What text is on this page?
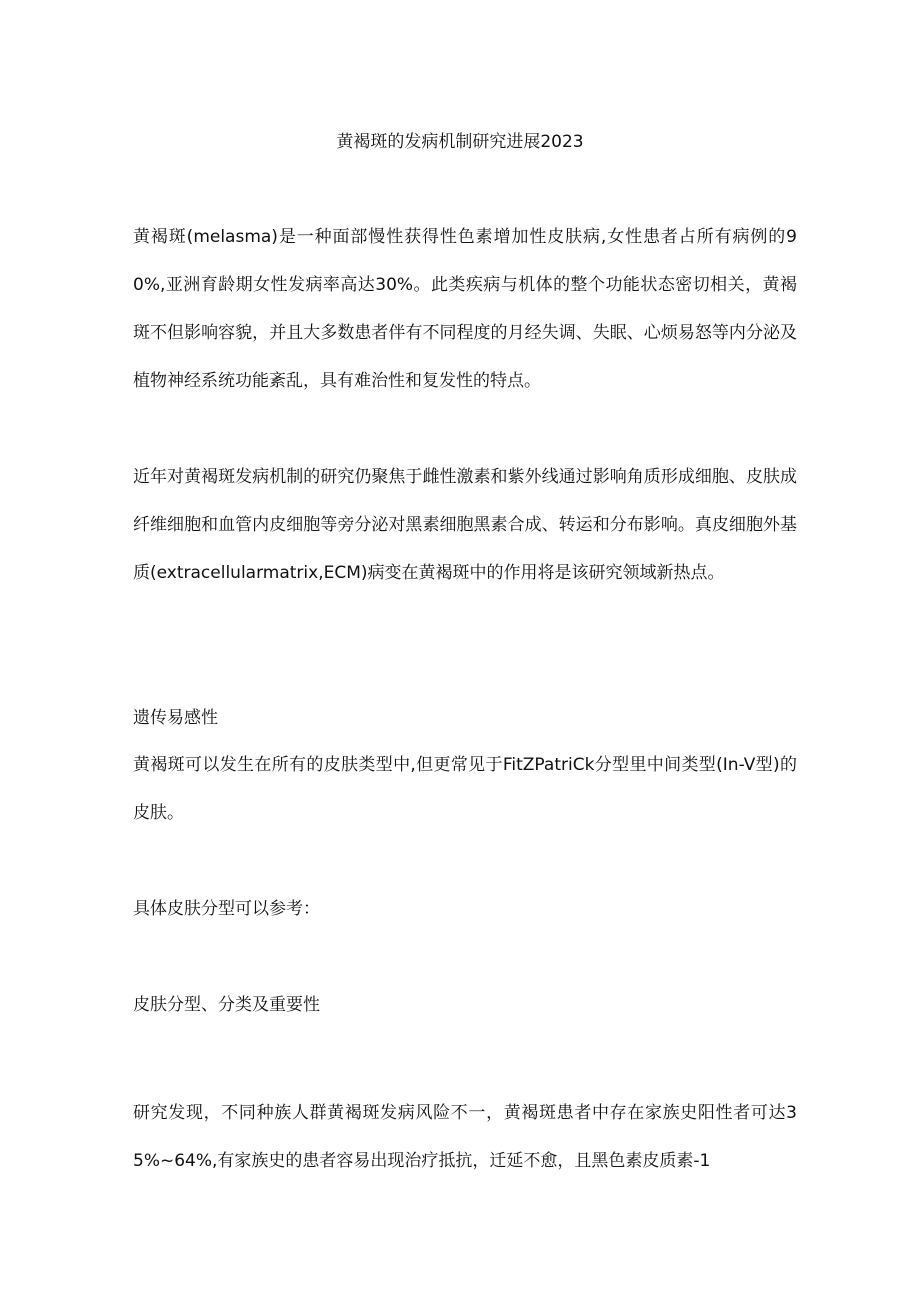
黄褐斑的发病机制研究进展2023

黄褐斑(melasma)是一种面部慢性获得性色素增加性皮肤病,女性患者占所有病例的90%,亚洲育龄期女性发病率高达30%。此类疾病与机体的整个功能状态密切相关，黄褐斑不但影响容貌，并且大多数患者伴有不同程度的月经失调、失眠、心烦易怒等内分泌及植物神经系统功能紊乱，具有难治性和复发性的特点。

近年对黄褐斑发病机制的研究仍聚焦于雌性激素和紫外线通过影响角质形成细胞、皮肤成纤维细胞和血管内皮细胞等旁分泌对黑素细胞黑素合成、转运和分布影响。真皮细胞外基质(extracellularmatrix,ECM)病变在黄褐斑中的作用将是该研究领域新热点。

遗传易感性

黄褐斑可以发生在所有的皮肤类型中,但更常见于FitZPatriCk分型里中间类型(In-V型)的皮肤。

具体皮肤分型可以参考：

皮肤分型、分类及重要性

研究发现，不同种族人群黄褐斑发病风险不一，黄褐斑患者中存在家族史阳性者可达35%~64%,有家族史的患者容易出现治疗抵抗，迁延不愈，且黑色素皮质素-1
